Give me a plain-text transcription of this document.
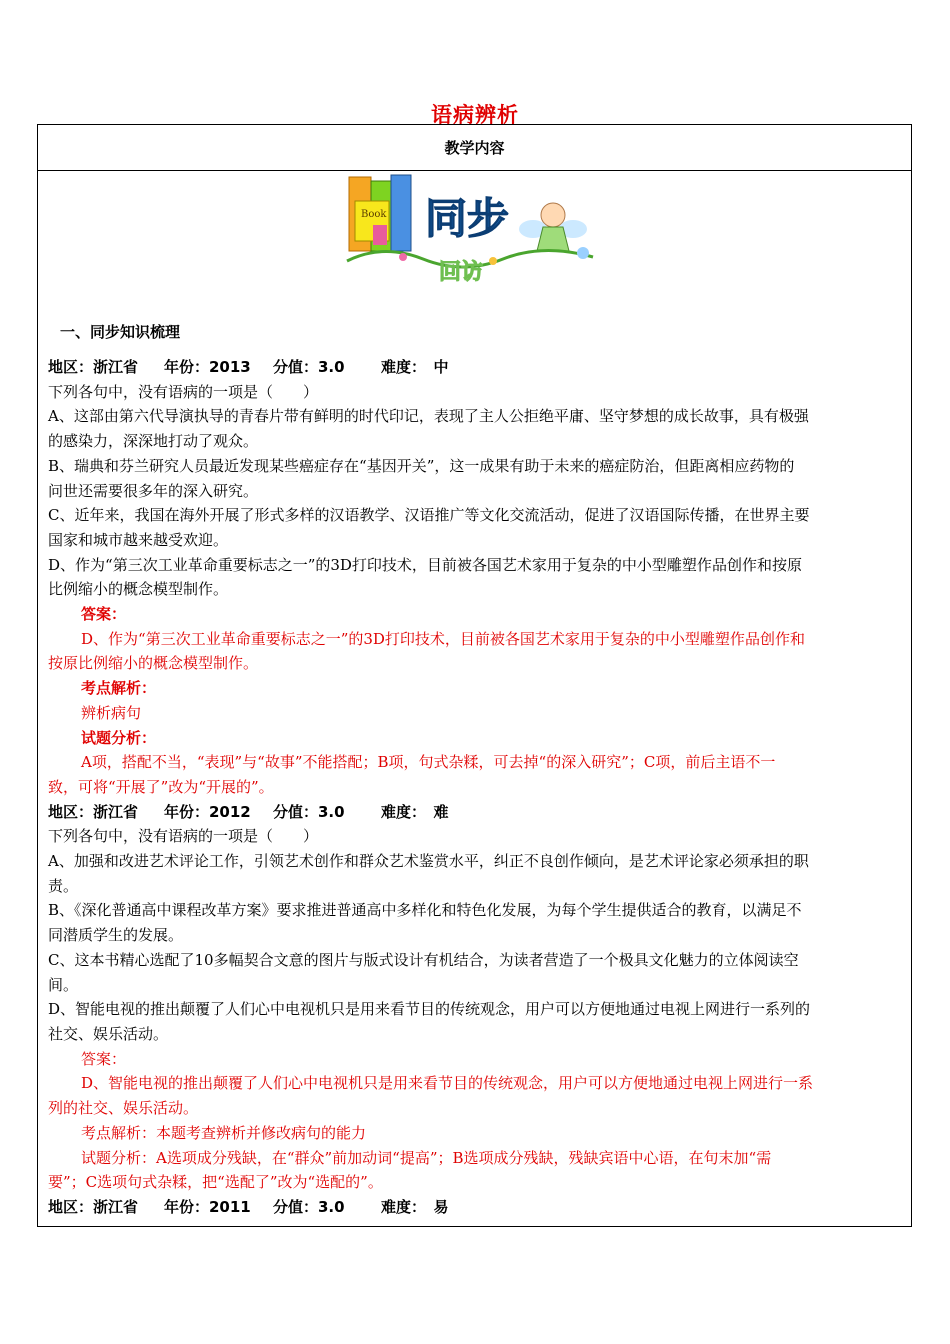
语病辨析
教学内容
Book 同步
回访
一、同步知识梳理
地区：浙江省 年份：2013 分值：3.0 难度：　中
下列各句中，没有语病的一项是（　　）
A、这部由第六代导演执导的青春片带有鲜明的时代印记，表现了主人公拒绝平庸、坚守梦想的成长故事，具有极强
的感染力，深深地打动了观众。
B、瑞典和芬兰研究人员最近发现某些癌症存在“基因开关”，这一成果有助于未来的癌症防治，但距离相应药物的
问世还需要很多年的深入研究。
C、近年来，我国在海外开展了形式多样的汉语教学、汉语推广等文化交流活动，促进了汉语国际传播，在世界主要
国家和城市越来越受欢迎。
D、作为“第三次工业革命重要标志之一”的3D打印技术，目前被各国艺术家用于复杂的中小型雕塑作品创作和按原
比例缩小的概念模型制作。
答案：
D、作为“第三次工业革命重要标志之一”的3D打印技术，目前被各国艺术家用于复杂的中小型雕塑作品创作和
按原比例缩小的概念模型制作。
考点解析：
辨析病句
试题分析：
A项，搭配不当，“表现”与“故事”不能搭配；B项，句式杂糅，可去掉“的深入研究”；C项，前后主语不一
致，可将“开展了”改为“开展的”。
地区：浙江省 年份：2012 分值：3.0 难度：　难
下列各句中，没有语病的一项是（　　）
A、加强和改进艺术评论工作，引领艺术创作和群众艺术鉴赏水平，纠正不良创作倾向，是艺术评论家必须承担的职
责。
B、《深化普通高中课程改革方案》要求推进普通高中多样化和特色化发展，为每个学生提供适合的教育，以满足不
同潜质学生的发展。
C、这本书精心选配了10多幅契合文意的图片与版式设计有机结合，为读者营造了一个极具文化魅力的立体阅读空
间。
D、智能电视的推出颠覆了人们心中电视机只是用来看节目的传统观念，用户可以方便地通过电视上网进行一系列的
社交、娱乐活动。
答案：
D、智能电视的推出颠覆了人们心中电视机只是用来看节目的传统观念，用户可以方便地通过电视上网进行一系
列的社交、娱乐活动。
考点解析：本题考查辨析并修改病句的能力
试题分析：A选项成分残缺，在“群众”前加动词“提高”；B选项成分残缺，残缺宾语中心语，在句末加“需
要”；C选项句式杂糅，把“选配了”改为“选配的”。
地区：浙江省 年份：2011 分值：3.0 难度：　易
